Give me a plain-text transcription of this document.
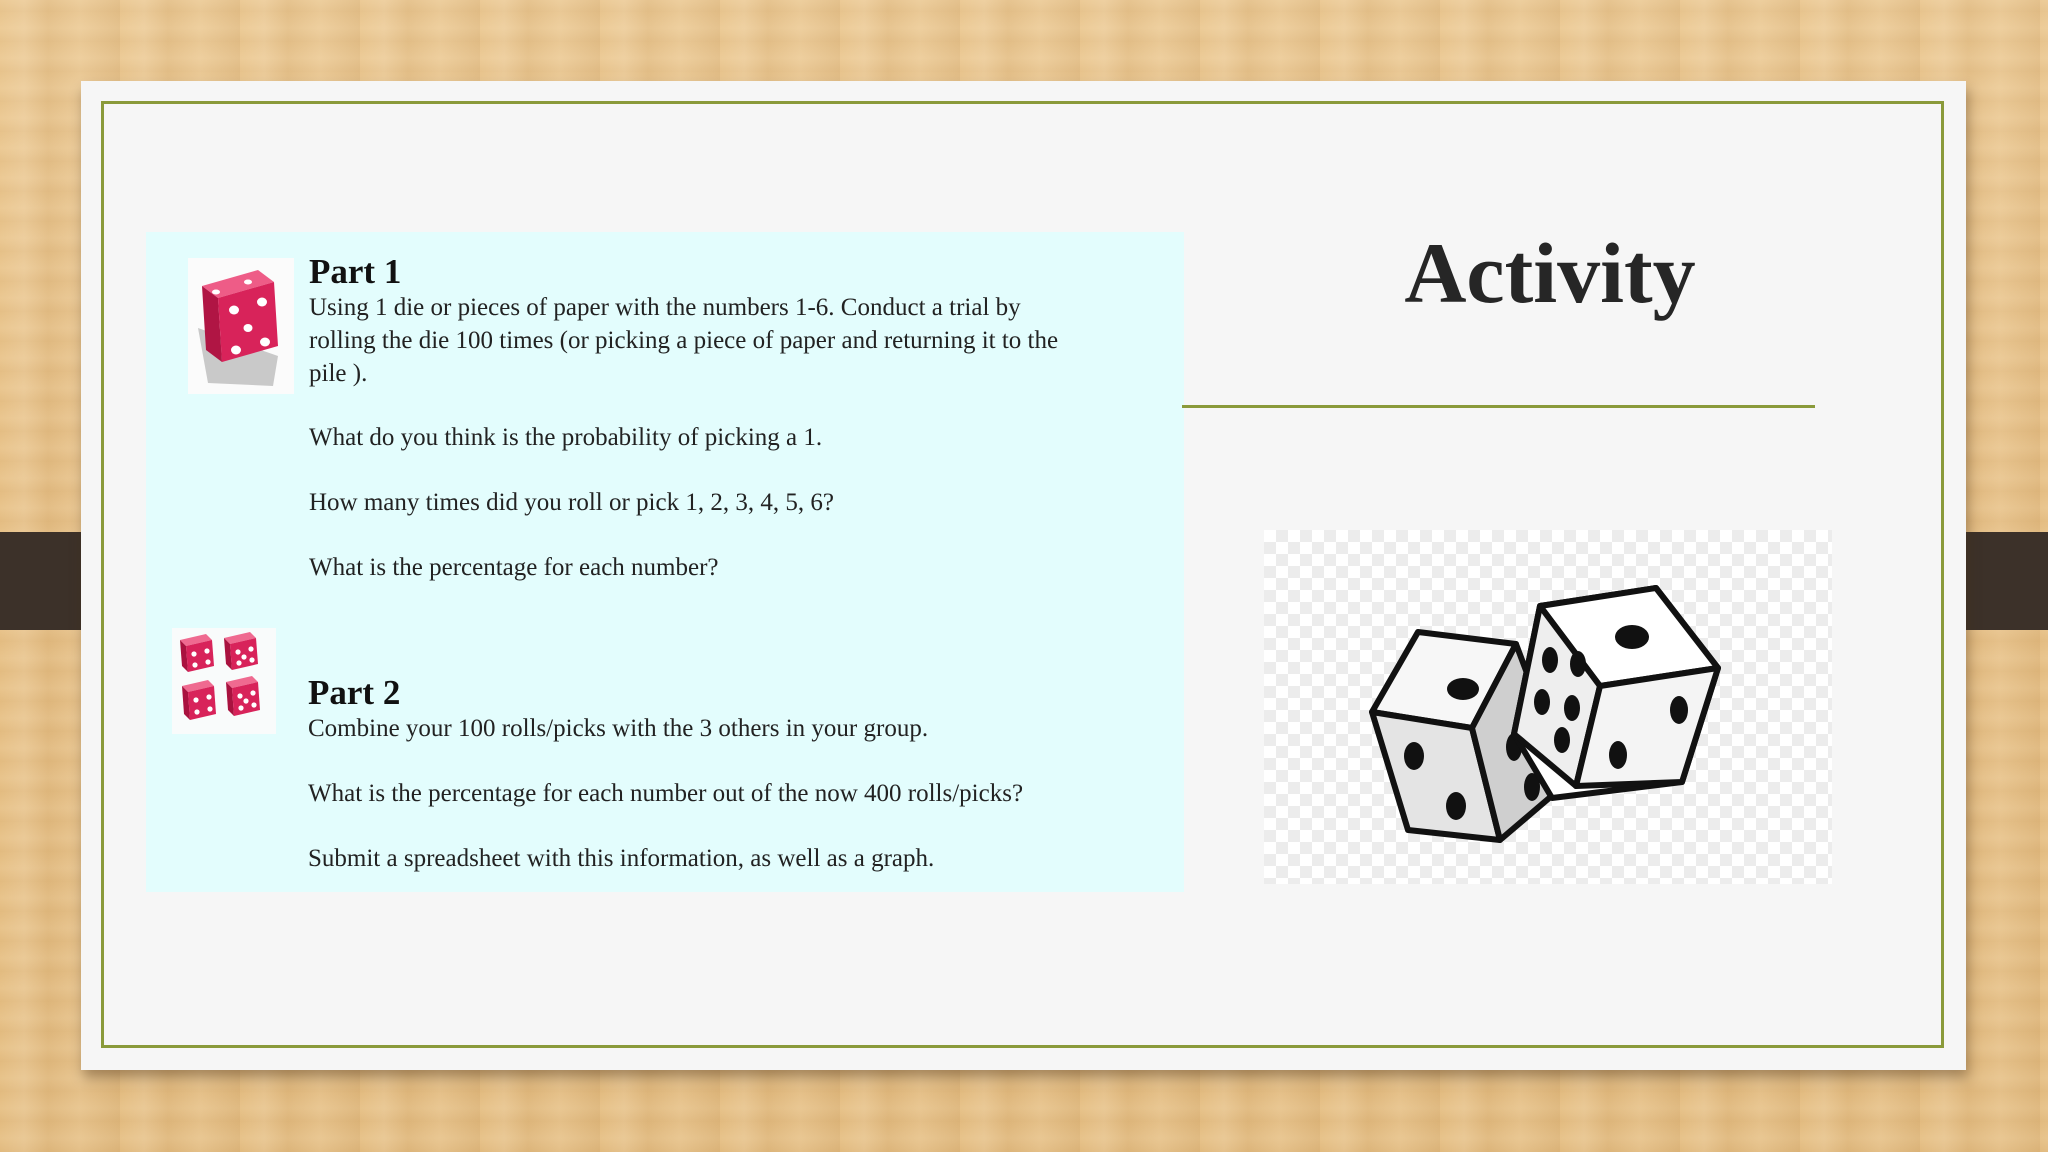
Part 1

Using 1 die or pieces of paper with the numbers 1-6. Conduct a trial by rolling the die 100 times (or picking a piece of paper and returning it to the pile ).

What do you think is the probability of picking a 1.

How many times did you roll or pick 1, 2, 3, 4, 5, 6?

What is the percentage for each number?

Part 2

Combine your 100 rolls/picks with the 3 others in your group.

What is the percentage for each number out of the now 400 rolls/picks?

Submit a spreadsheet with this information, as well as a graph.

Activity
